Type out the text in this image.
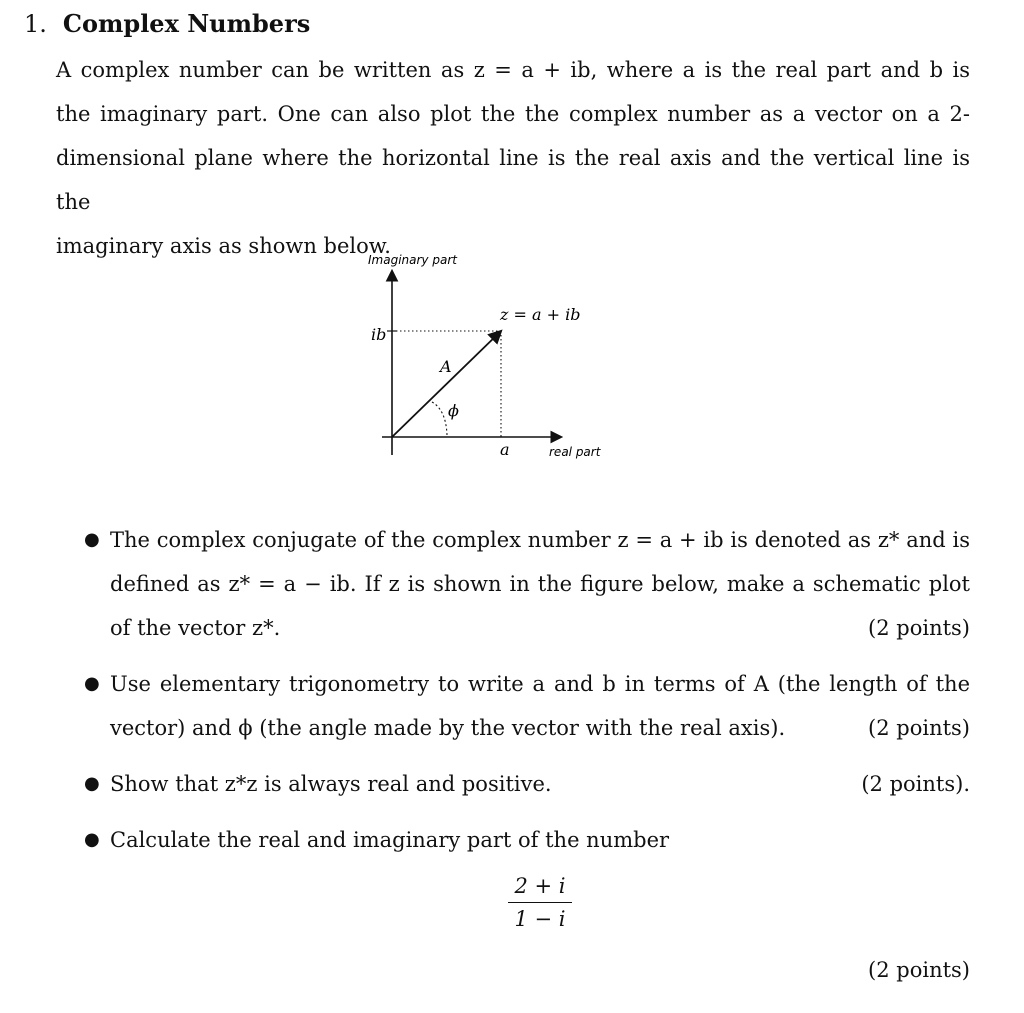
1. Complex Numbers

A complex number can be written as z = a + ib, where a is the real part and b is
the imaginary part. One can also plot the the complex number as a vector on a 2-
dimensional plane where the horizontal line is the real axis and the vertical line is the
imaginary axis as shown below.

Imaginary part
real part
z = a + ib
ib
a
A
ϕ
● The complex conjugate of the complex number z = a + ib is denoted as z* and is
defined as z* = a − ib. If z is shown in the figure below, make a schematic plot
of the vector z*.	(2 points)
● Use elementary trigonometry to write a and b in terms of A (the length of the
vector) and ϕ (the angle made by the vector with the real axis).	(2 points)
● Show that z*z is always real and positive.	(2 points).
● Calculate the real and imaginary part of the number
$\frac{2 + i}{1 - i}$
(2 points)
